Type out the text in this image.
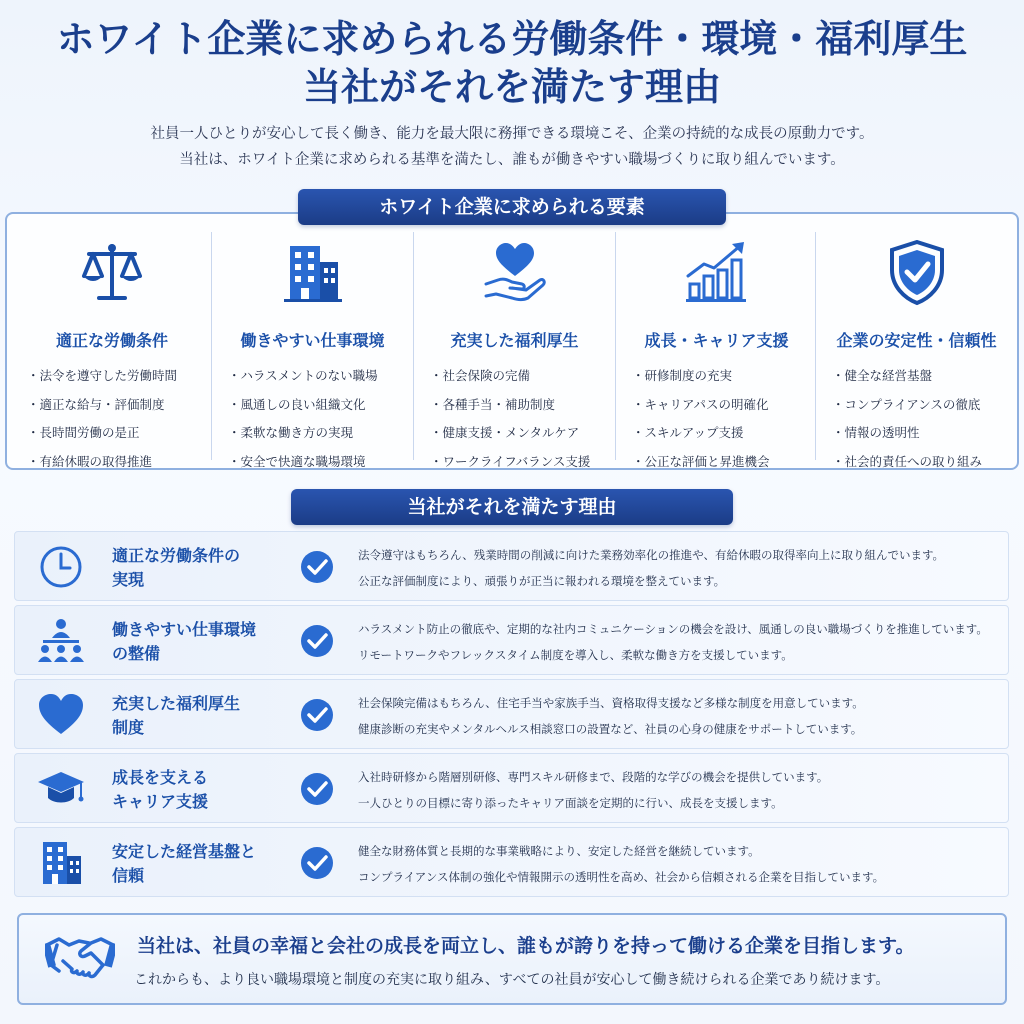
ホワイト企業に求められる労働条件・環境・福利厚生
当社がそれを満たす理由
社員一人ひとりが安心して長く働き、能力を最大限に務揮できる環境こそ、企業の持続的な成長の原動力です。
当社は、ホワイト企業に求められる基準を満たし、誰もが働きやすい職場づくりに取り組んでいます。
ホワイト企業に求められる要素
適正な労働条件
・ 法令を遵守した労働時間
・ 適正な給与・評価制度
・ 長時間労働の是正
・ 有給休暇の取得推進
働きやすい仕事環境
・ ハラスメントのない職場
・ 風通しの良い組織文化
・ 柔軟な働き方の実現
・ 安全で快適な職場環境
充実した福利厚生
・ 社会保険の完備
・ 各種手当・補助制度
・ 健康支援・メンタルケア
・ ワークライフバランス支援
成長・キャリア支援
・ 研修制度の充実
・ キャリアパスの明確化
・ スキルアップ支援
・ 公正な評価と昇進機会
企業の安定性・信頼性
・ 健全な経営基盤
・ コンプライアンスの徹底
・ 情報の透明性
・ 社会的責任への取り組み
当社がそれを満たす理由
適正な労働条件の
実現
法令遵守はもちろん、残業時間の削減に向けた業務効率化の推進や、有給休暇の取得率向上に取り組んでいます。
公正な評価制度により、頑張りが正当に報われる環境を整えています。
働きやすい仕事環境
の整備
ハラスメント防止の徹底や、定期的な社内コミュニケーションの機会を設け、風通しの良い職場づくりを推進しています。
リモートワークやフレックスタイム制度を導入し、柔軟な働き方を支援しています。
充実した福利厚生
制度
社会保険完備はもちろん、住宅手当や家族手当、資格取得支援など多様な制度を用意しています。
健康診断の充実やメンタルヘルス相談窓口の設置など、社員の心身の健康をサポートしています。
成長を支える
キャリア支援
入社時研修から階層別研修、専門スキル研修まで、段階的な学びの機会を提供しています。
一人ひとりの目標に寄り添ったキャリア面談を定期的に行い、成長を支援します。
安定した経営基盤と
信頼
健全な財務体質と長期的な事業戦略により、安定した経営を継続しています。
コンプライアンス体制の強化や情報開示の透明性を高め、社会から信頼される企業を目指しています。
当社は、社員の幸福と会社の成長を両立し、誰もが誇りを持って働ける企業を目指します。
これからも、より良い職場環境と制度の充実に取り組み、すべての社員が安心して働き続けられる企業であり続けます。
